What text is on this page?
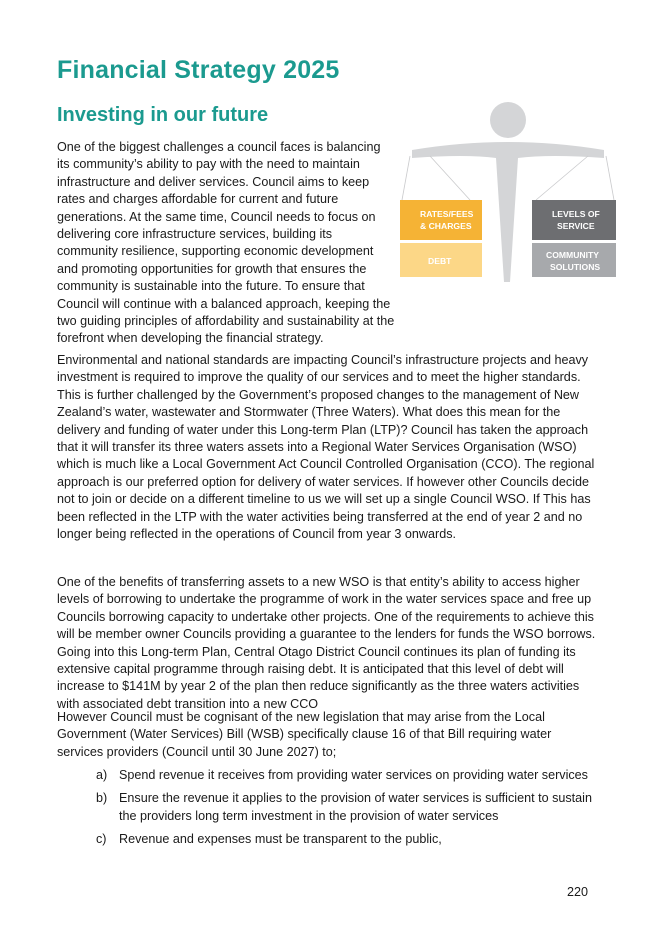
Financial Strategy 2025
Investing in our future

One of the biggest challenges a council faces is balancing its community’s ability to pay with the need to maintain infrastructure and deliver services. Council aims to keep rates and charges affordable for current and future generations. At the same time, Council needs to focus on delivering core infrastructure services, building its community resilience, supporting economic development and promoting opportunities for growth that ensures the community is sustainable into the future. To ensure that Council will continue with a balanced approach, keeping the two guiding principles of affordability and sustainability at the forefront when developing the financial strategy.

RATES/FEES
& CHARGES
DEBT
LEVELS OF
SERVICE
COMMUNITY
SOLUTIONS

Environmental and national standards are impacting Council’s infrastructure projects and heavy investment is required to improve the quality of our services and to meet the higher standards. This is further challenged by the Government’s proposed changes to the management of New Zealand’s water, wastewater and Stormwater (Three Waters). What does this mean for the delivery and funding of water under this Long-term Plan (LTP)? Council has taken the approach that it will transfer its three waters assets into a Regional Water Services Organisation (WSO) which is much like a Local Government Act Council Controlled Organisation (CCO). The regional approach is our preferred option for delivery of water services. If however other Councils decide not to join or decide on a different timeline to us we will set up a single Council WSO. If This has been reflected in the LTP with the water activities being transferred at the end of year 2 and no longer being reflected in the operations of Council from year 3 onwards.

One of the benefits of transferring assets to a new WSO is that entity’s ability to access higher levels of borrowing to undertake the programme of work in the water services space and free up Councils borrowing capacity to undertake other projects. One of the requirements to achieve this will be member owner Councils providing a guarantee to the lenders for funds the WSO borrows. Going into this Long-term Plan, Central Otago District Council continues its plan of funding its extensive capital programme through raising debt. It is anticipated that this level of debt will increase to $141M by year 2 of the plan then reduce significantly as the three waters activities with associated debt transition into a new CCO

However Council must be cognisant of the new legislation that may arise from the Local Government (Water Services) Bill (WSB) specifically clause 16 of that Bill requiring water services providers (Council until 30 June 2027) to;

a) Spend revenue it receives from providing water services on providing water services
b) Ensure the revenue it applies to the provision of water services is sufficient to sustain the providers long term investment in the provision of water services
c) Revenue and expenses must be transparent to the public,
220
